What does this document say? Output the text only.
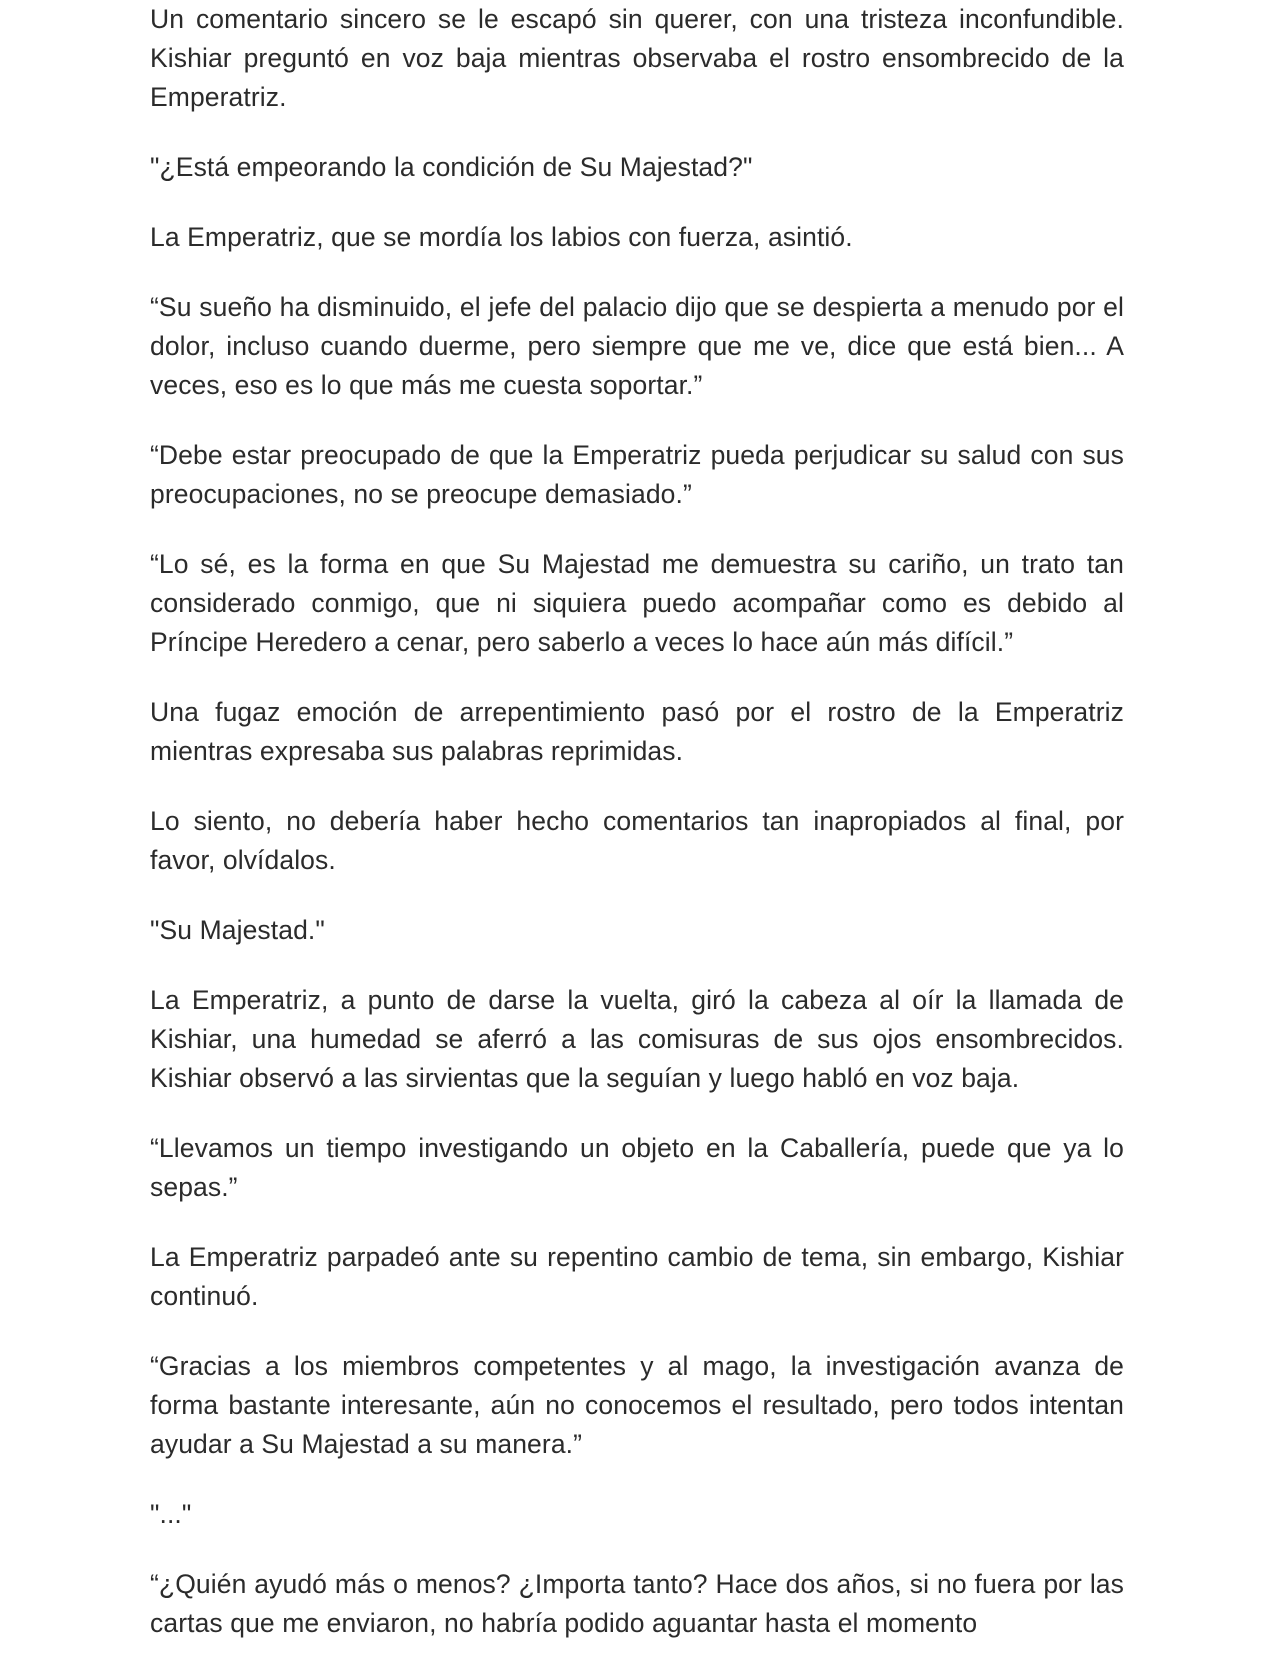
Un comentario sincero se le escapó sin querer, con una tristeza inconfundible. Kishiar preguntó en voz baja mientras observaba el rostro ensombrecido de la Emperatriz.

"¿Está empeorando la condición de Su Majestad?"

La Emperatriz, que se mordía los labios con fuerza, asintió.

“Su sueño ha disminuido, el jefe del palacio dijo que se despierta a menudo por el dolor, incluso cuando duerme, pero siempre que me ve, dice que está bien... A veces, eso es lo que más me cuesta soportar.”

“Debe estar preocupado de que la Emperatriz pueda perjudicar su salud con sus preocupaciones, no se preocupe demasiado.”

“Lo sé, es la forma en que Su Majestad me demuestra su cariño, un trato tan considerado conmigo, que ni siquiera puedo acompañar como es debido al Príncipe Heredero a cenar, pero saberlo a veces lo hace aún más difícil.”

Una fugaz emoción de arrepentimiento pasó por el rostro de la Emperatriz mientras expresaba sus palabras reprimidas.

Lo siento, no debería haber hecho comentarios tan inapropiados al final, por favor, olvídalos.

"Su Majestad."

La Emperatriz, a punto de darse la vuelta, giró la cabeza al oír la llamada de Kishiar, una humedad se aferró a las comisuras de sus ojos ensombrecidos. Kishiar observó a las sirvientas que la seguían y luego habló en voz baja.

“Llevamos un tiempo investigando un objeto en la Caballería, puede que ya lo sepas.”

La Emperatriz parpadeó ante su repentino cambio de tema, sin embargo, Kishiar continuó.

“Gracias a los miembros competentes y al mago, la investigación avanza de forma bastante interesante, aún no conocemos el resultado, pero todos intentan ayudar a Su Majestad a su manera.”

"..."

“¿Quién ayudó más o menos? ¿Importa tanto? Hace dos años, si no fuera por las cartas que me enviaron, no habría podido aguantar hasta el momento
